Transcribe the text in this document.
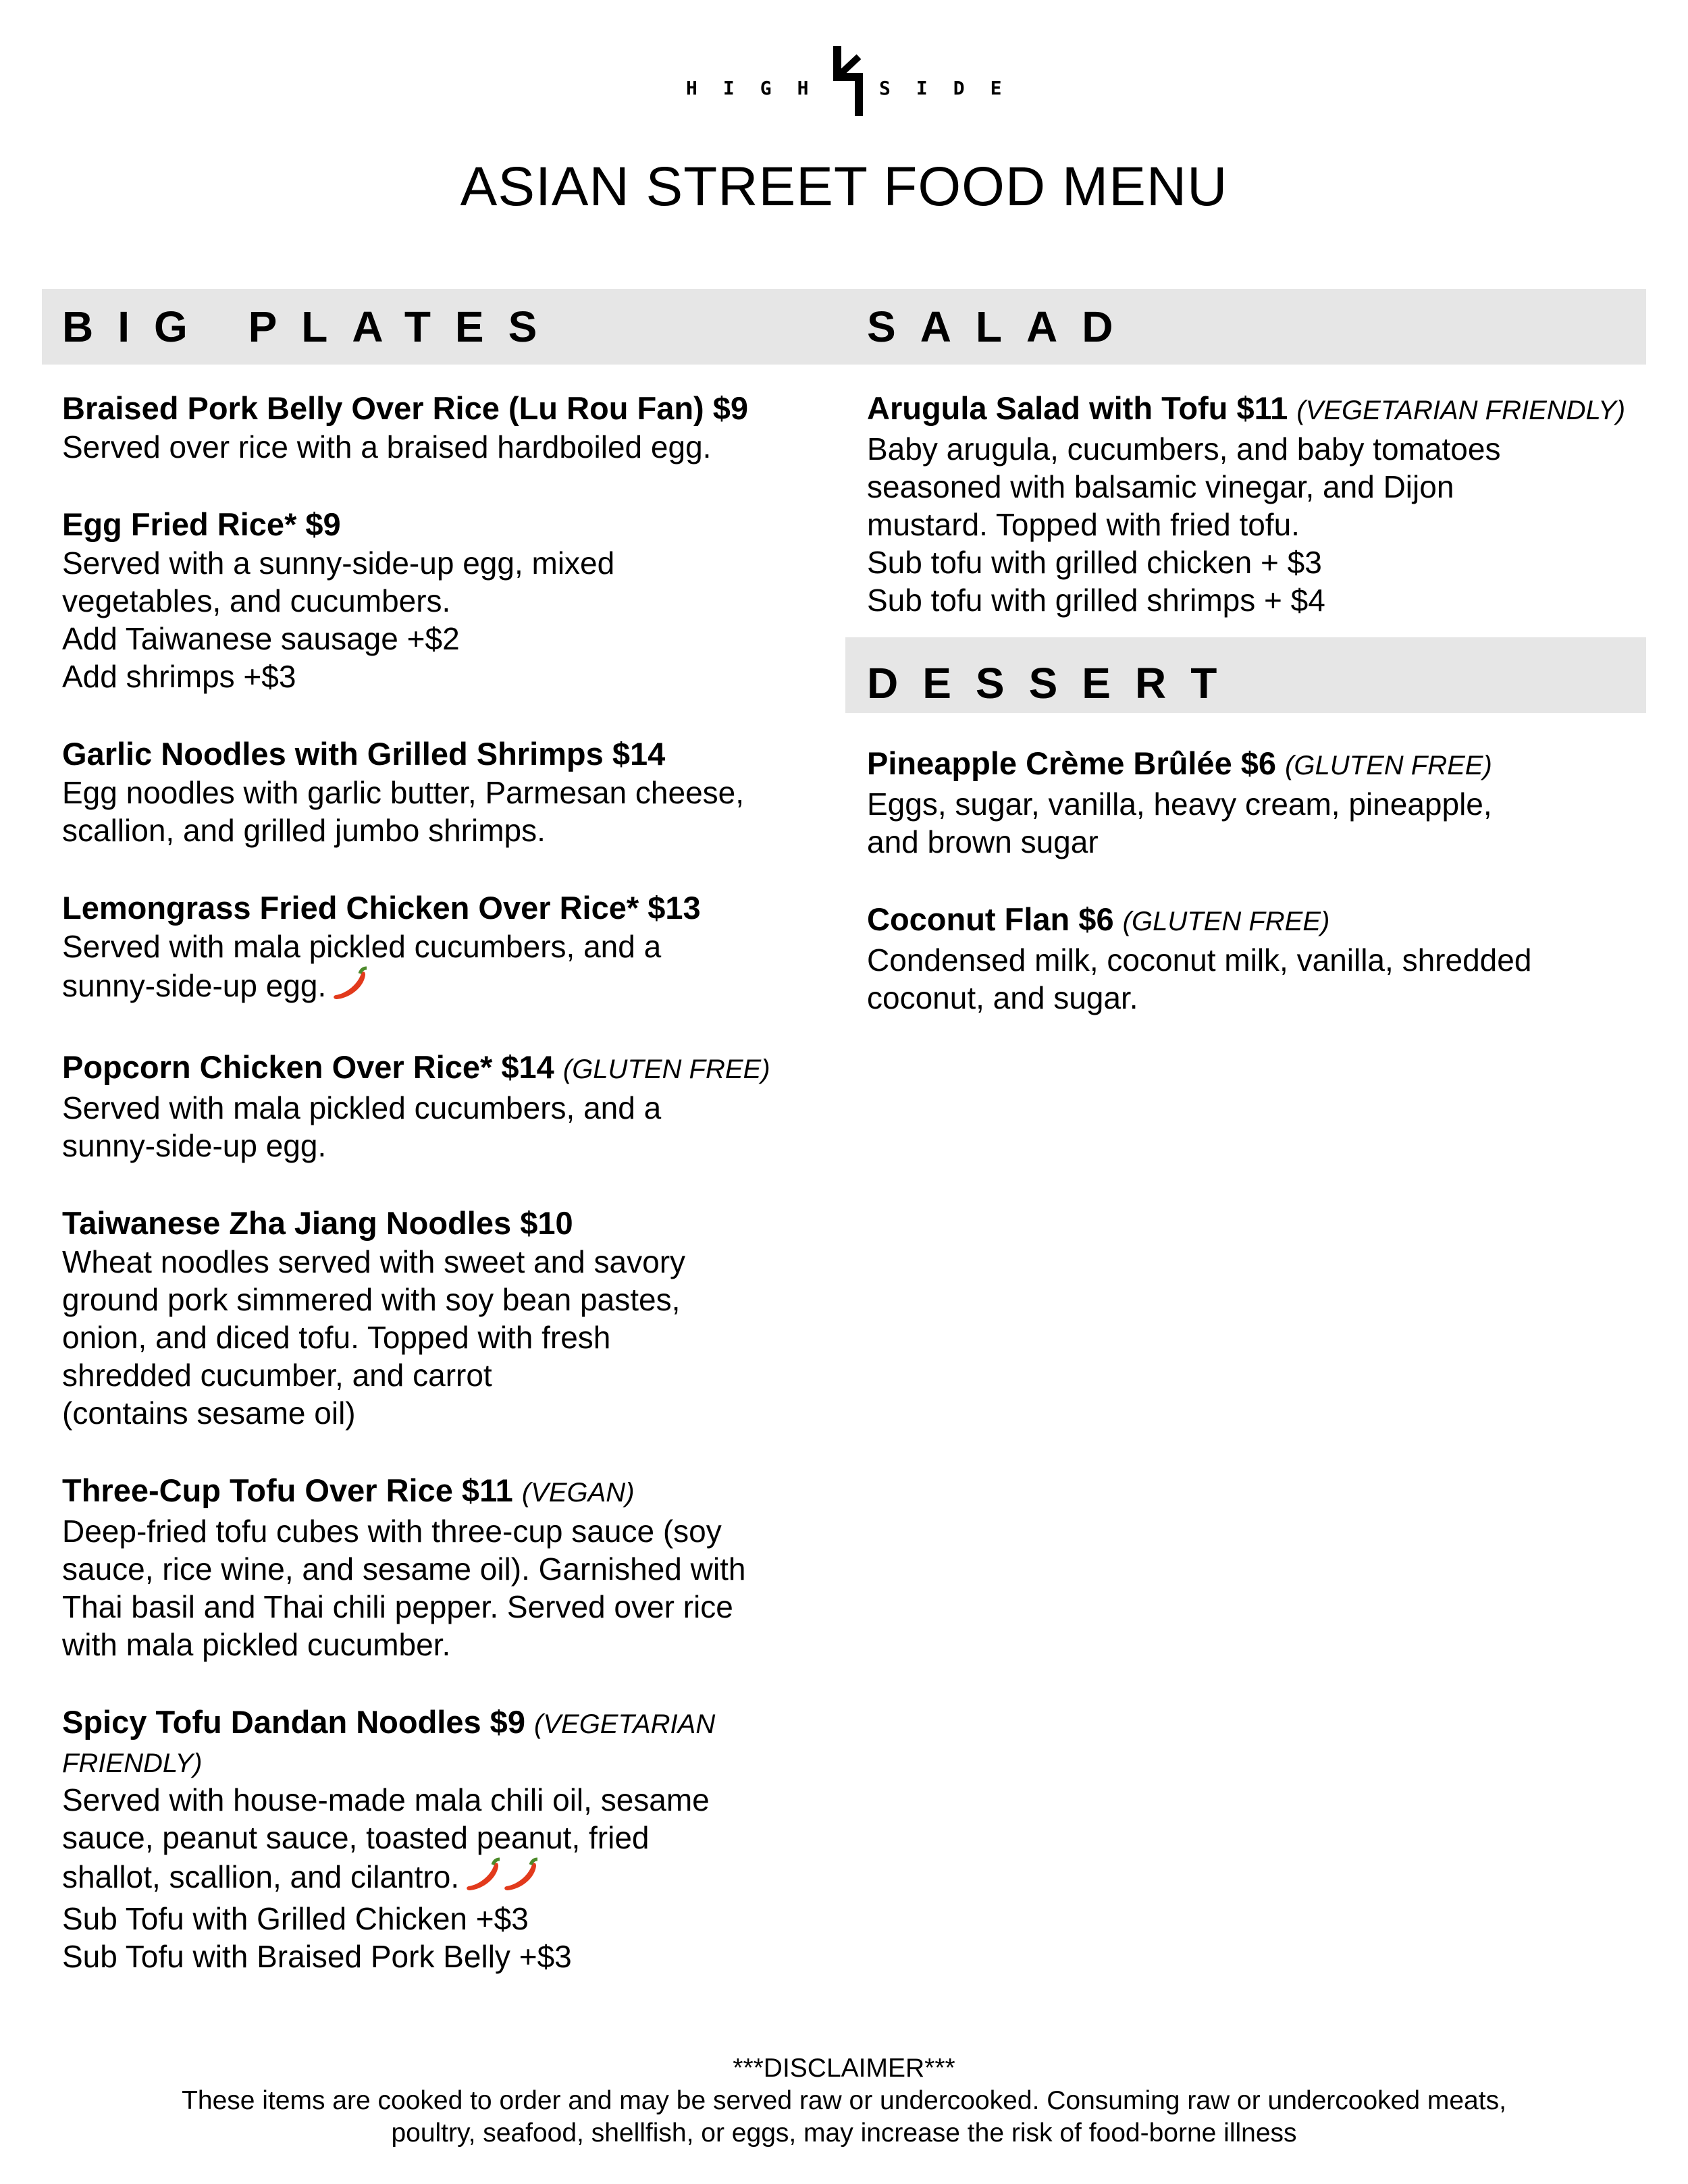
HIGH SIDE
ASIAN STREET FOOD MENU
BIG PLATES	SALAD
DESSERT
Braised Pork Belly Over Rice (Lu Rou Fan) $9
Served over rice with a braised hardboiled egg.
Egg Fried Rice* $9
Served with a sunny-side-up egg, mixed
vegetables, and cucumbers.
Add Taiwanese sausage +$2
Add shrimps +$3
Garlic Noodles with Grilled Shrimps $14
Egg noodles with garlic butter, Parmesan cheese,
scallion, and grilled jumbo shrimps.
Lemongrass Fried Chicken Over Rice* $13
Served with mala pickled cucumbers, and a
sunny-side-up egg.
Popcorn Chicken Over Rice* $14 (GLUTEN FREE)
Served with mala pickled cucumbers, and a
sunny-side-up egg.
Taiwanese Zha Jiang Noodles $10
Wheat noodles served with sweet and savory
ground pork simmered with soy bean pastes,
onion, and diced tofu. Topped with fresh
shredded cucumber, and carrot
(contains sesame oil)
Three-Cup Tofu Over Rice $11 (VEGAN)
Deep-fried tofu cubes with three-cup sauce (soy
sauce, rice wine, and sesame oil). Garnished with
Thai basil and Thai chili pepper. Served over rice
with mala pickled cucumber.
Spicy Tofu Dandan Noodles $9 (VEGETARIAN
FRIENDLY)
Served with house-made mala chili oil, sesame
sauce, peanut sauce, toasted peanut, fried
shallot, scallion, and cilantro.
Sub Tofu with Grilled Chicken +$3
Sub Tofu with Braised Pork Belly +$3
Arugula Salad with Tofu $11 (VEGETARIAN FRIENDLY)
Baby arugula, cucumbers, and baby tomatoes
seasoned with balsamic vinegar, and Dijon
mustard. Topped with fried tofu.
Sub tofu with grilled chicken + $3
Sub tofu with grilled shrimps + $4
Pineapple Crème Brûlée $6 (GLUTEN FREE)
Eggs, sugar, vanilla, heavy cream, pineapple,
and brown sugar
Coconut Flan $6 (GLUTEN FREE)
Condensed milk, coconut milk, vanilla, shredded
coconut, and sugar.
***DISCLAIMER***
These items are cooked to order and may be served raw or undercooked. Consuming raw or undercooked meats,
poultry, seafood, shellfish, or eggs, may increase the risk of food-borne illness
